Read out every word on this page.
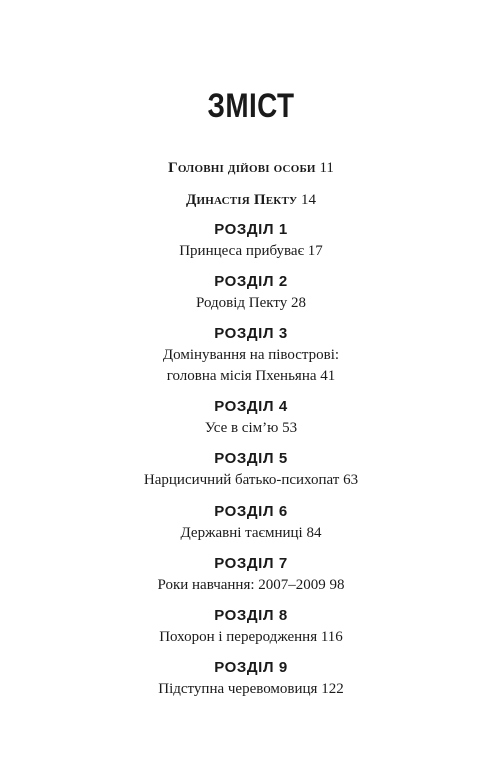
ЗМІСТ
Головні дійові особи 11
Династія Пекту 14
РОЗДІЛ 1
Принцеса прибуває 17
РОЗДІЛ 2
Родовід Пекту 28
РОЗДІЛ 3
Домінування на півострові:
головна місія Пхеньяна 41
РОЗДІЛ 4
Усе в сім’ю 53
РОЗДІЛ 5
Нарцисичний батько-психопат 63
РОЗДІЛ 6
Державні таємниці 84
РОЗДІЛ 7
Роки навчання: 2007–2009 98
РОЗДІЛ 8
Похорон і переродження 116
РОЗДІЛ 9
Підступна черевомовиця 122
